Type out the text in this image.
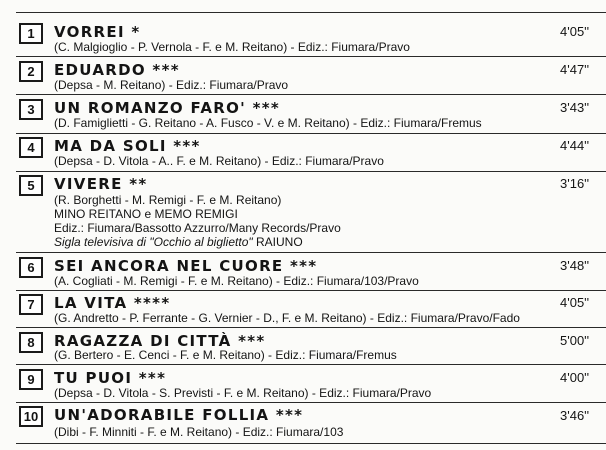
1	VORREI *	4'05''
(C. Malgioglio - P. Vernola - F. e M. Reitano) - Ediz.: Fiumara/Pravo
2	EDUARDO ***	4'47''
(Depsa - M. Reitano) - Ediz.: Fiumara/Pravo
3	UN ROMANZO FARO' ***	3'43''
(D. Famiglietti - G. Reitano - A. Fusco - V. e M. Reitano) - Ediz.: Fiumara/Fremus
4	MA DA SOLI ***	4'44''
(Depsa - D. Vitola - A.. F. e M. Reitano) - Ediz.: Fiumara/Pravo
5	VIVERE **	3'16''
(R. Borghetti - M. Remigi - F. e M. Reitano)
MINO REITANO e MEMO REMIGI
Ediz.: Fiumara/Bassotto Azzurro/Many Records/Pravo
Sigla televisiva di "Occhio al biglietto" RAIUNO
6	SEI ANCORA NEL CUORE ***	3'48''
(A. Cogliati - M. Remigi - F. e M. Reitano) - Ediz.: Fiumara/103/Pravo
7	LA VITA ****	4'05''
(G. Andretto - P. Ferrante - G. Vernier - D., F. e M. Reitano) - Ediz.: Fiumara/Pravo/Fado
8	RAGAZZA DI CITTÀ ***	5'00''
(G. Bertero - E. Cenci - F. e M. Reitano) - Ediz.: Fiumara/Fremus
9	TU PUOI ***	4'00''
(Depsa - D. Vitola - S. Previsti - F. e M. Reitano) - Ediz.: Fiumara/Pravo
10	UN'ADORABILE FOLLIA ***	3'46''
(Dibi - F. Minniti - F. e M. Reitano) - Ediz.: Fiumara/103
